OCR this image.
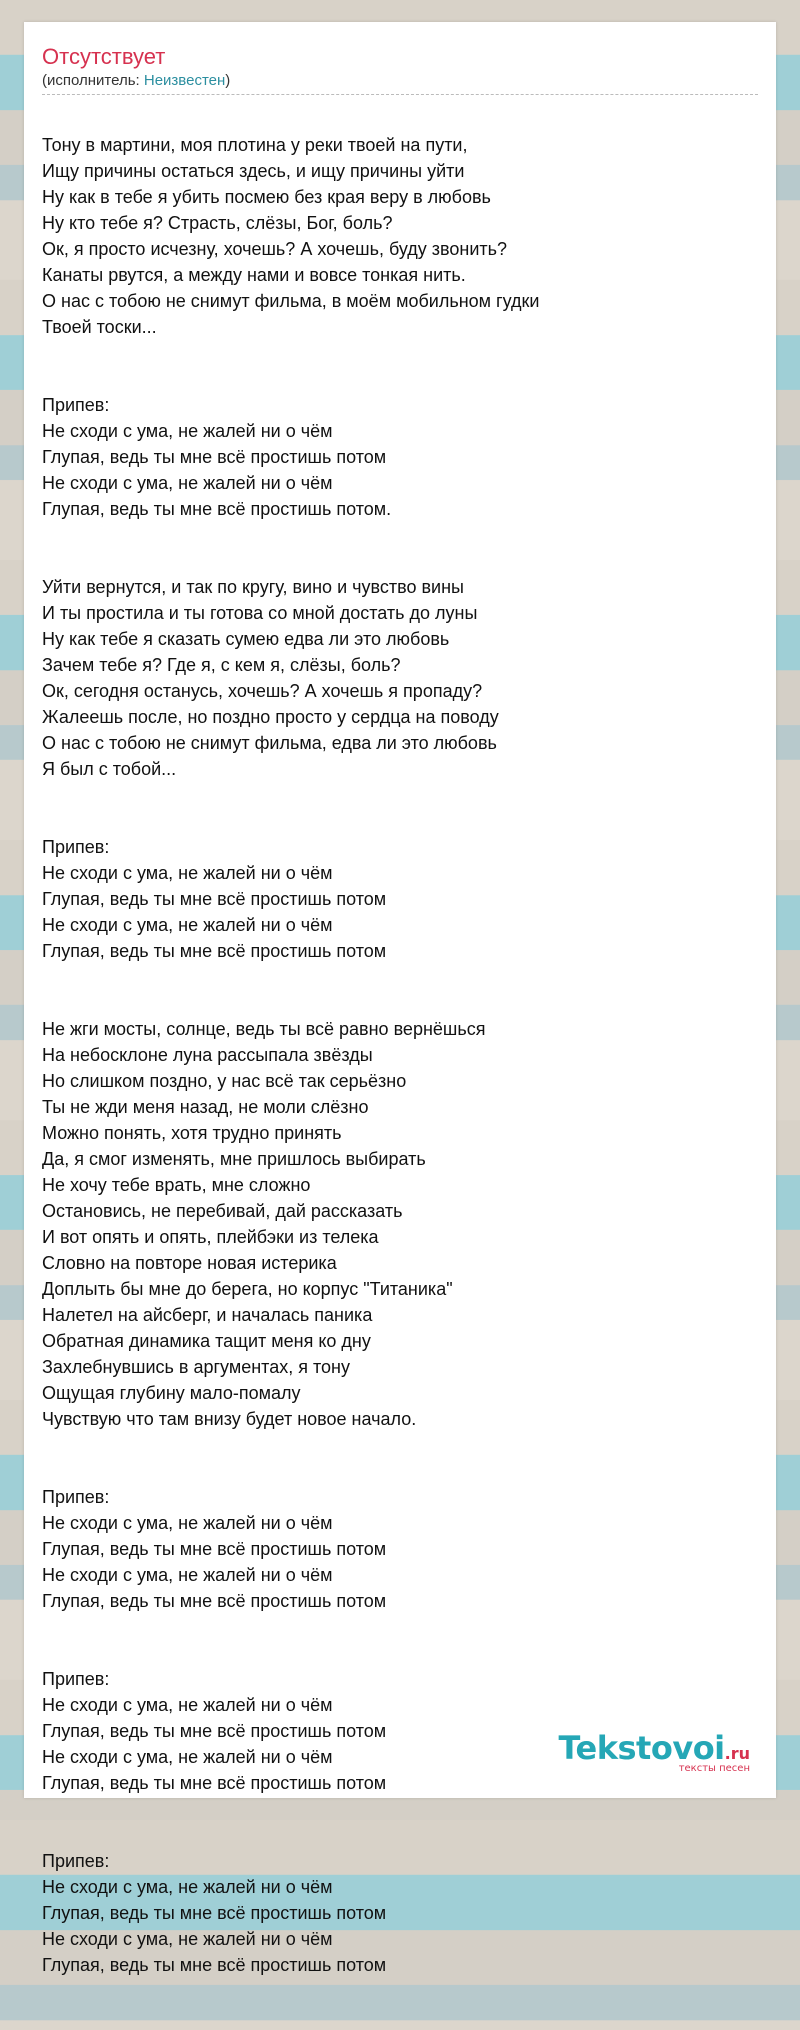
Отсутствует
(исполнитель: Неизвестен)

Тону в мартини, моя плотина у реки твоей на пути,
Ищу причины остаться здесь, и ищу причины уйти
Ну как в тебе я убить посмею без края веру в любовь
Ну кто тебе я? Страсть, слёзы, Бог, боль?
Ок, я просто исчезну, хочешь? А хочешь, буду звонить?
Канаты рвутся, а между нами и вовсе тонкая нить.
О нас с тобою не снимут фильма, в моём мобильном гудки
Твоей тоски...

Припев:
Не сходи с ума, не жалей ни о чём
Глупая, ведь ты мне всё простишь потом
Не сходи с ума, не жалей ни о чём
Глупая, ведь ты мне всё простишь потом.

Уйти вернутся, и так по кругу, вино и чувство вины
И ты простила и ты готова со мной достать до луны
Ну как тебе я сказать сумею едва ли это любовь
Зачем тебе я? Где я, с кем я, слёзы, боль?
Ок, сегодня останусь, хочешь? А хочешь я пропаду?
Жалеешь после, но поздно просто у сердца на поводу
О нас с тобою не снимут фильма, едва ли это любовь
Я был с тобой...

Припев:
Не сходи с ума, не жалей ни о чём
Глупая, ведь ты мне всё простишь потом
Не сходи с ума, не жалей ни о чём
Глупая, ведь ты мне всё простишь потом

Не жги мосты, солнце, ведь ты всё равно вернёшься
На небосклоне луна рассыпала звёзды
Но слишком поздно, у нас всё так серьёзно
Ты не жди меня назад, не моли слёзно
Можно понять, хотя трудно принять
Да, я смог изменять, мне пришлось выбирать
Не хочу тебе врать, мне сложно
Остановись, не перебивай, дай рассказать
И вот опять и опять, плейбэки из телека
Словно на повторе новая истерика
Доплыть бы мне до берега, но корпус "Титаника"
Налетел на айсберг, и началась паника
Обратная динамика тащит меня ко дну
Захлебнувшись в аргументах, я тону
Ощущая глубину мало-помалу
Чувствую что там внизу будет новое начало.

Припев:
Не сходи с ума, не жалей ни о чём
Глупая, ведь ты мне всё простишь потом
Не сходи с ума, не жалей ни о чём
Глупая, ведь ты мне всё простишь потом

Припев:
Не сходи с ума, не жалей ни о чём
Глупая, ведь ты мне всё простишь потом
Не сходи с ума, не жалей ни о чём
Глупая, ведь ты мне всё простишь потом

Припев:
Не сходи с ума, не жалей ни о чём
Глупая, ведь ты мне всё простишь потом
Не сходи с ума, не жалей ни о чём
Глупая, ведь ты мне всё простишь потом

Tekstovoi.ru
тексты песен
